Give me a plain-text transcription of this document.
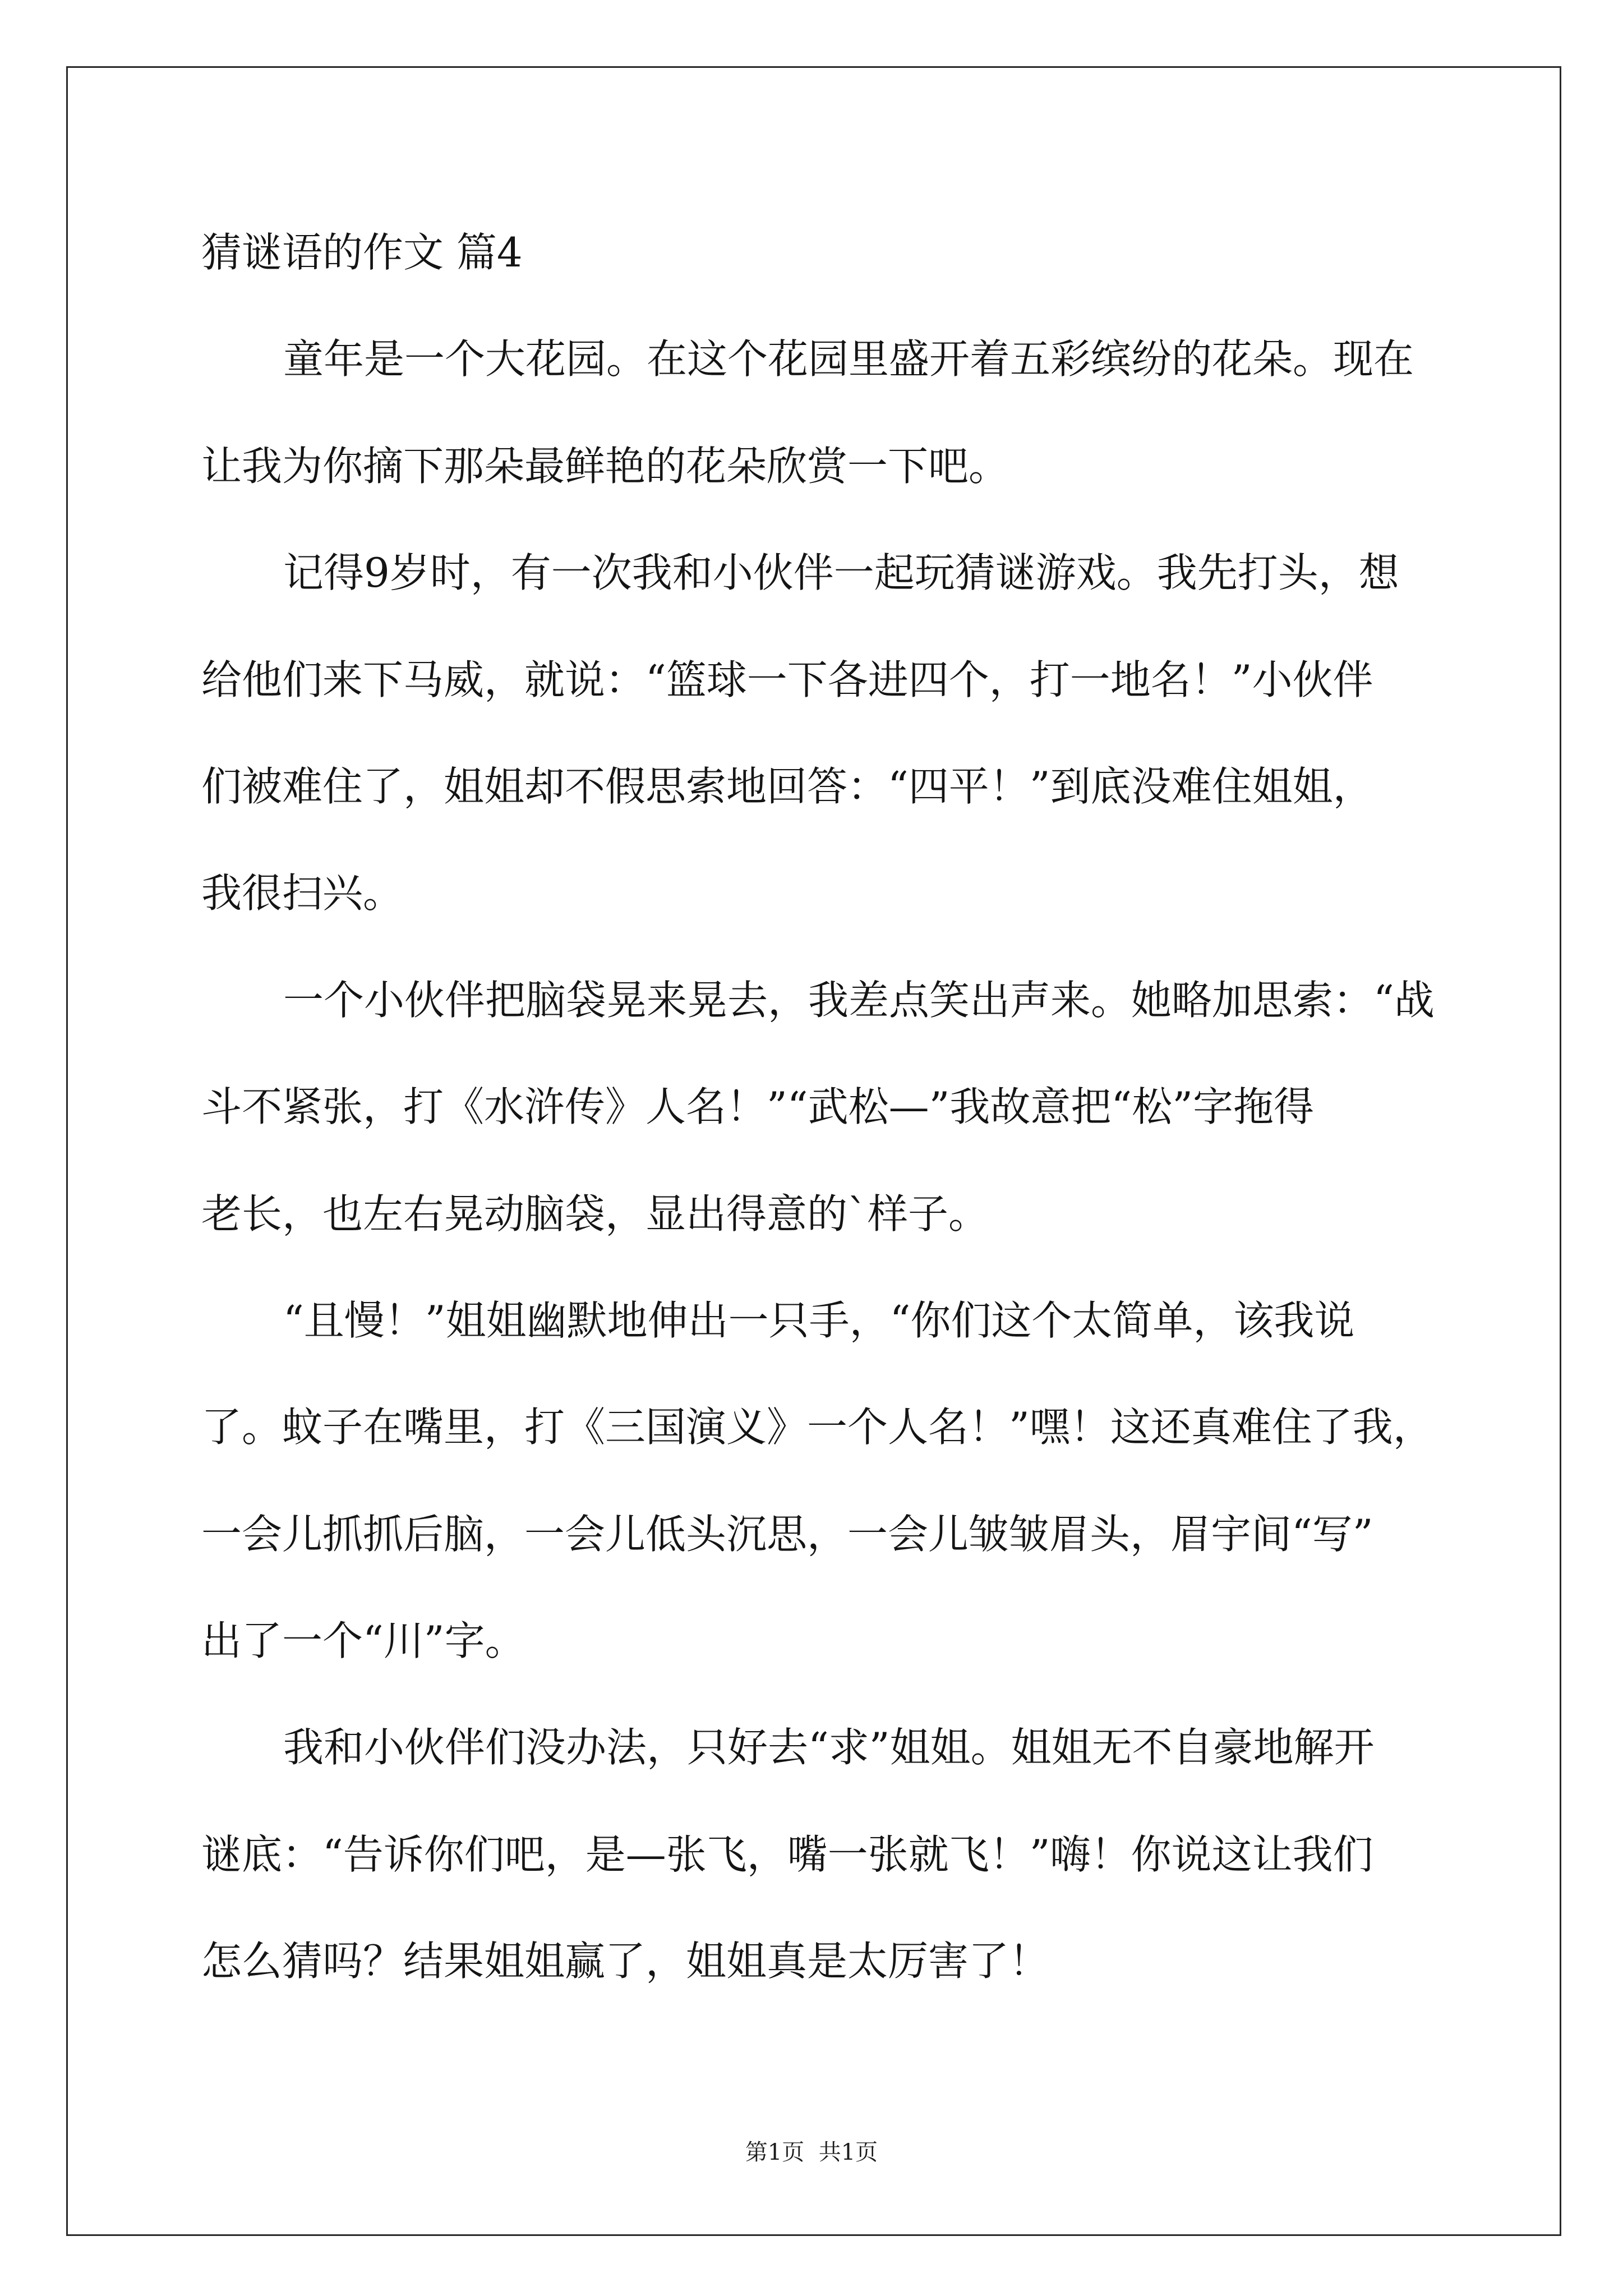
猜谜语的作文 篇4
童年是一个大花园。在这个花园里盛开着五彩缤纷的花朵。现在
让我为你摘下那朵最鲜艳的花朵欣赏一下吧。
记得9岁时，有一次我和小伙伴一起玩猜谜游戏。我先打头，想
给他们来下马威，就说：“篮球一下各进四个，打一地名！”小伙伴
们被难住了，姐姐却不假思索地回答：“四平！”到底没难住姐姐，
我很扫兴。
一个小伙伴把脑袋晃来晃去，我差点笑出声来。她略加思索：“战
斗不紧张，打《水浒传》人名！”“武松—”我故意把“松”字拖得
老长，也左右晃动脑袋，显出得意的`样子。
“且慢！”姐姐幽默地伸出一只手，“你们这个太简单，该我说
了。蚊子在嘴里，打《三国演义》一个人名！”嘿！这还真难住了我，
一会儿抓抓后脑，一会儿低头沉思，一会儿皱皱眉头，眉宇间“写”
出了一个“川”字。
我和小伙伴们没办法，只好去“求”姐姐。姐姐无不自豪地解开
谜底：“告诉你们吧，是—张飞，嘴一张就飞！”嗨！你说这让我们
怎么猜吗？结果姐姐赢了，姐姐真是太厉害了！
第1页  共1页
